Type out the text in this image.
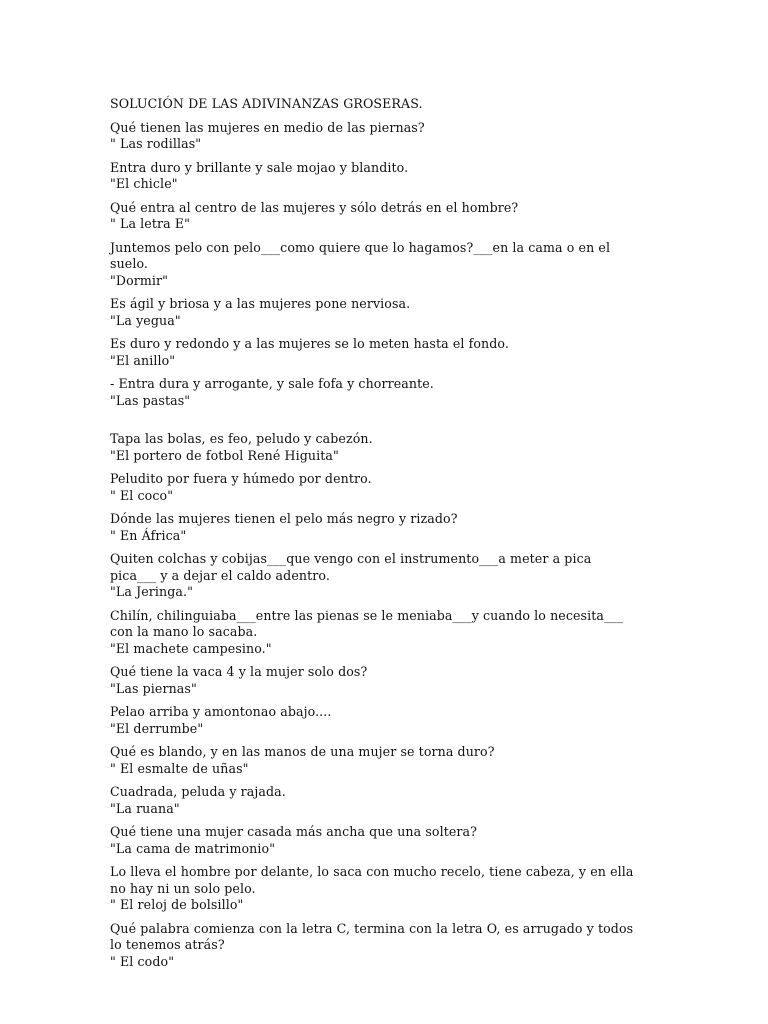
SOLUCIÓN DE LAS ADIVINANZAS GROSERAS.
Qué tienen las mujeres en medio de las piernas?
" Las rodillas"
Entra duro y brillante y sale mojao y blandito.
"El chicle"
Qué entra al centro de las mujeres y sólo detrás en el hombre?
" La letra E"
Juntemos pelo con pelo___como quiere que lo hagamos?___en la cama o en el suelo.
"Dormir"
Es ágil y briosa y a las mujeres pone nerviosa.
"La yegua"
Es duro y redondo y a las mujeres se lo meten hasta el fondo.
"El anillo"
- Entra dura y arrogante, y sale fofa y chorreante.
"Las pastas"
Tapa las bolas, es feo, peludo y cabezón.
"El portero de fotbol René Higuita"
Peludito por fuera y húmedo por dentro.
" El coco"
Dónde las mujeres tienen el pelo más negro y rizado?
" En África"
Quiten colchas y cobijas___que vengo con el instrumento___a meter a pica pica___ y a dejar el caldo adentro.
"La Jeringa."
Chilín, chilinguiaba___entre las pienas se le meniaba___y cuando lo necesita___ con la mano lo sacaba.
"El machete campesino."
Qué tiene la vaca 4 y la mujer solo dos?
"Las piernas"
Pelao arriba y amontonao abajo....
"El derrumbe"
Qué es blando, y en las manos de una mujer se torna duro?
" El esmalte de uñas"
Cuadrada, peluda y rajada.
"La ruana"
Qué tiene una mujer casada más ancha que una soltera?
"La cama de matrimonio"
Lo lleva el hombre por delante, lo saca con mucho recelo, tiene cabeza, y en ella no hay ni un solo pelo.
" El reloj de bolsillo"
Qué palabra comienza con la letra C, termina con la letra O, es arrugado y todos lo tenemos atrás?
" El codo"
